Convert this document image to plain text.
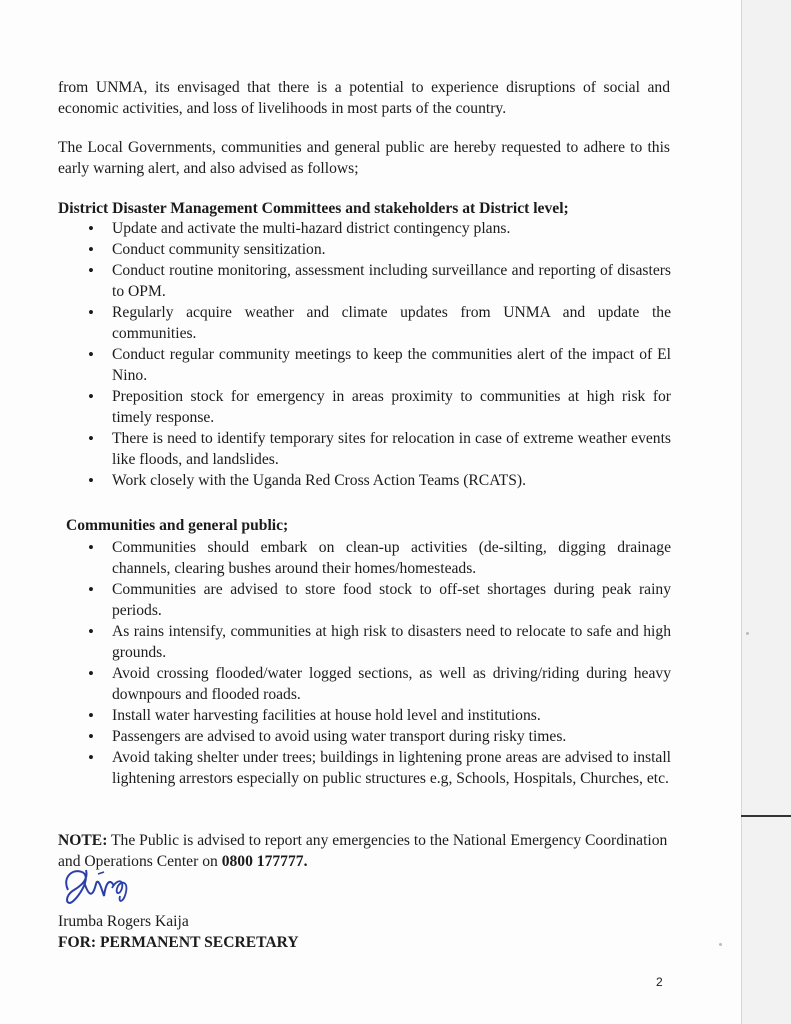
from UNMA, its envisaged that there is a potential to experience disruptions of social and economic activities, and loss of livelihoods in most parts of the country.

The Local Governments, communities and general public are hereby requested to adhere to this early warning alert, and also advised as follows;

District Disaster Management Committees and stakeholders at District level;

• Update and activate the multi-hazard district contingency plans.
• Conduct community sensitization.
• Conduct routine monitoring, assessment including surveillance and reporting of disasters to OPM.
• Regularly acquire weather and climate updates from UNMA and update the communities.
• Conduct regular community meetings to keep the communities alert of the impact of El Nino.
• Preposition stock for emergency in areas proximity to communities at high risk for timely response.
• There is need to identify temporary sites for relocation in case of extreme weather events like floods, and landslides.
• Work closely with the Uganda Red Cross Action Teams (RCATS).

Communities and general public;

• Communities should embark on clean-up activities (de-silting, digging drainage channels, clearing bushes around their homes/homesteads.
• Communities are advised to store food stock to off-set shortages during peak rainy periods.
• As rains intensify, communities at high risk to disasters need to relocate to safe and high grounds.
• Avoid crossing flooded/water logged sections, as well as driving/riding during heavy downpours and flooded roads.
• Install water harvesting facilities at house hold level and institutions.
• Passengers are advised to avoid using water transport during risky times.
• Avoid taking shelter under trees; buildings in lightening prone areas are advised to install lightening arrestors especially on public structures e.g, Schools, Hospitals, Churches, etc.

NOTE: The Public is advised to report any emergencies to the National Emergency Coordination and Operations Center on 0800 177777.

Irumba Rogers Kaija

FOR: PERMANENT SECRETARY

2
